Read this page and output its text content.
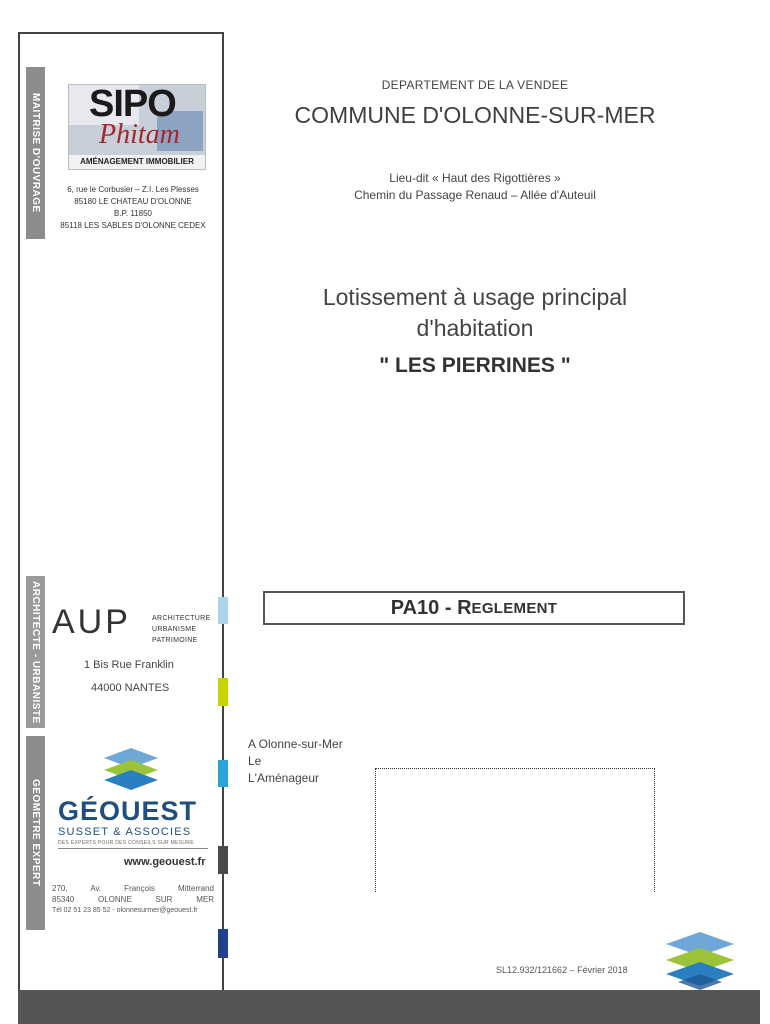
MAITRISE D'OUVRAGE
ARCHITECTE - URBANISTE
GEOMETRE EXPERT
SIPO
Phitam
AMÉNAGEMENT IMMOBILIER
6, rue le Corbusier – Z.I. Les Plesses
85180 LE CHATEAU D'OLONNE
B.P. 11850
85118 LES SABLES D'OLONNE CEDEX
DEPARTEMENT DE LA VENDEE
COMMUNE D'OLONNE-SUR-MER
Lieu-dit « Haut des Rigottières »
Chemin du Passage Renaud – Allée d'Auteuil
Lotissement à usage principal
d'habitation
" LES PIERRINES "
PA10 - R EGLEMENT
AUP	ARCHITECTURE
URBANISME
PATRIMOINE
1 Bis Rue Franklin
44000 NANTES
A Olonne-sur-Mer
Le
L'Aménageur
GÉOUEST
SUSSET & ASSOCIES
DES EXPERTS POUR DES CONSEILS SUR MESURE
www.geouest.fr
270, Av. François Mitterrand
85340 OLONNE SUR MER
Tél 02 51 23 85 52 - olonnesurmer@geouest.fr
SL12.932/121662 – Février 2018
